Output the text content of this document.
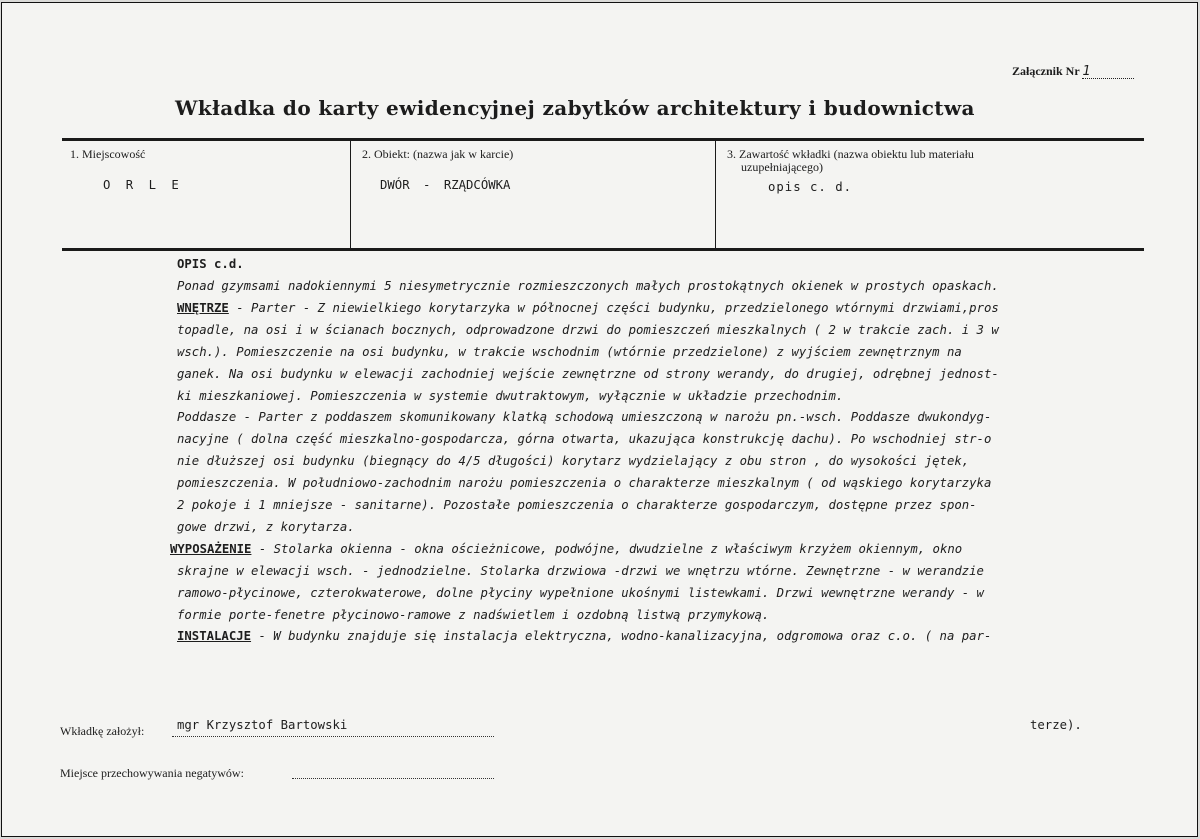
Załącznik Nr 1
Wkładka do karty ewidencyjnej zabytków architektury i budownictwa
1. Miejscowość
O R L E
2. Obiekt: (nazwa jak w karcie)
DWÓR - RZĄDCÓWKA
3. Zawartość wkładki (nazwa obiektu lub materiału
uzupełniającego)
opis c. d.
OPIS c.d.
Ponad gzymsami nadokiennymi 5 niesymetrycznie rozmieszczonych małych prostokątnych okienek w prostych opaskach.
WNĘTRZE - Parter - Z niewielkiego korytarzyka w północnej części budynku, przedzielonego wtórnymi drzwiami,pros
topadle, na osi i w ścianach bocznych, odprowadzone drzwi do pomieszczeń mieszkalnych ( 2 w trakcie zach. i 3 w
wsch.). Pomieszczenie na osi budynku, w trakcie wschodnim (wtórnie przedzielone) z wyjściem zewnętrznym na
ganek. Na osi budynku w elewacji zachodniej wejście zewnętrzne od strony werandy, do drugiej, odrębnej jednost-
ki mieszkaniowej. Pomieszczenia w systemie dwutraktowym, wyłącznie w układzie przechodnim.
Poddasze - Parter z poddaszem skomunikowany klatką schodową umieszczoną w narożu pn.-wsch. Poddasze dwukondyg-
nacyjne ( dolna część mieszkalno-gospodarcza, górna otwarta, ukazująca konstrukcję dachu). Po wschodniej str-o
nie dłuższej osi budynku (biegnący do 4/5 długości) korytarz wydzielający z obu stron , do wysokości jętek,
pomieszczenia. W południowo-zachodnim narożu pomieszczenia o charakterze mieszkalnym ( od wąskiego korytarzyka
2 pokoje i 1 mniejsze - sanitarne). Pozostałe pomieszczenia o charakterze gospodarczym, dostępne przez spon-
gowe drzwi, z korytarza.
WYPOSAŻENIE - Stolarka okienna - okna ościeżnicowe, podwójne, dwudzielne z właściwym krzyżem okiennym, okno
skrajne w elewacji wsch. - jednodzielne. Stolarka drzwiowa -drzwi we wnętrzu wtórne. Zewnętrzne - w werandzie
ramowo-płycinowe, czterokwaterowe, dolne płyciny wypełnione ukośnymi listewkami. Drzwi wewnętrzne werandy - w
formie porte-fenetre płycinowo-ramowe z nadświetlem i ozdobną listwą przymykową.
INSTALACJE - W budynku znajduje się instalacja elektryczna, wodno-kanalizacyjna, odgromowa oraz c.o. ( na par-
terze).
Wkładkę założył:	mgr Krzysztof Bartowski
Miejsce przechowywania negatywów:
